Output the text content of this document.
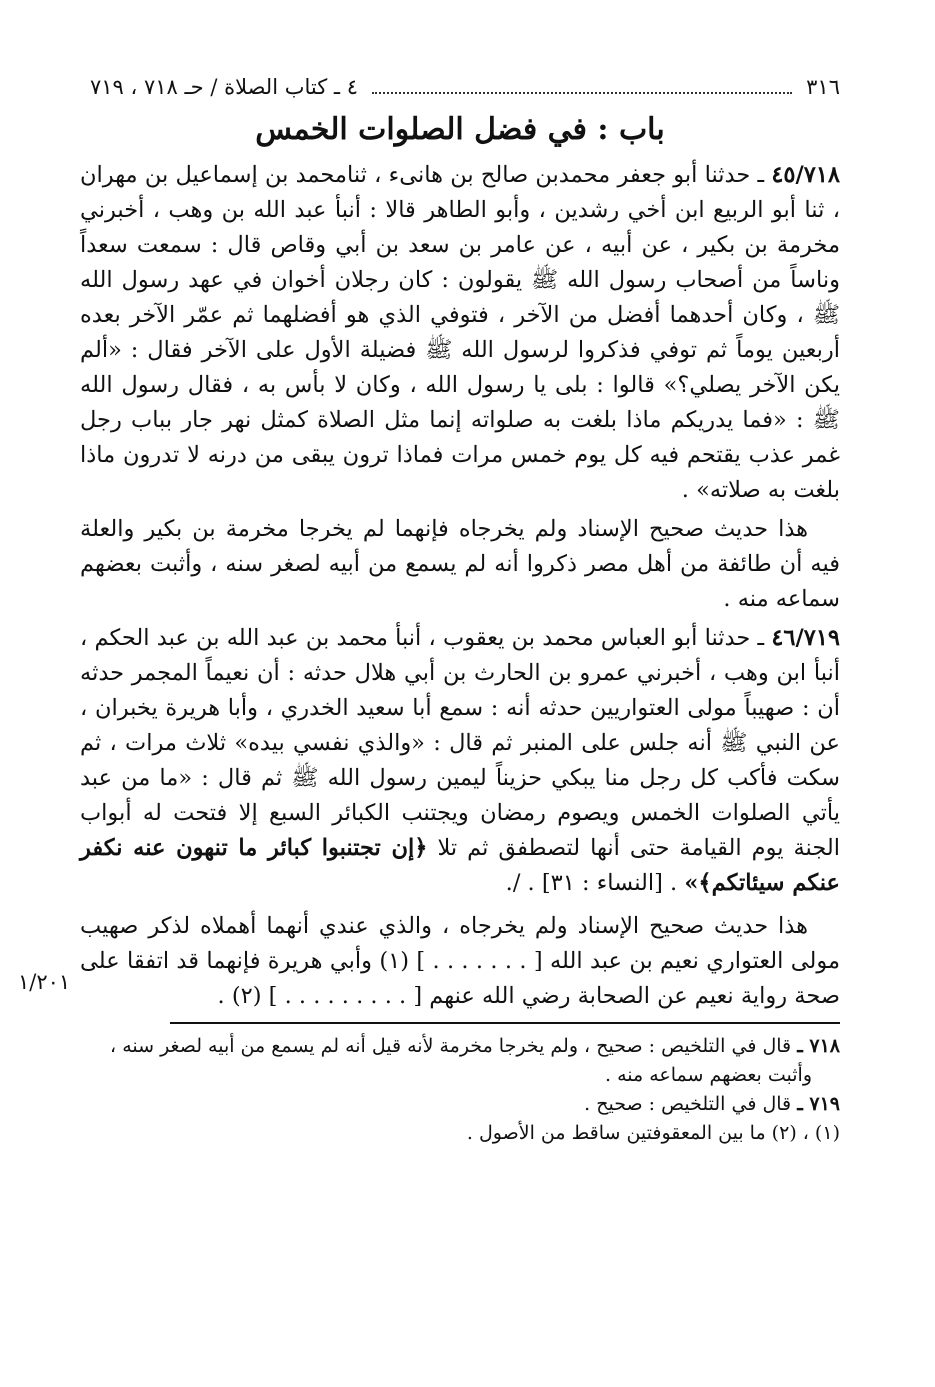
٣١٦
٤ ـ كتاب الصلاة / حـ ٧١٨ ، ٧١٩
باب : في فضل الصلوات الخمس

٤٥/٧١٨ ـ حدثنا أبو جعفر محمدبن صالح بن هانىء ، ثنامحمد بن إسماعيل بن مهران ، ثنا أبو الربيع ابن أخي رشدين ، وأبو الطاهر قالا : أنبأ عبد الله بن وهب ، أخبرني مخرمة بن بكير ، عن أبيه ، عن عامر بن سعد بن أبي وقاص قال : سمعت سعداً وناساً من أصحاب رسول الله ﷺ يقولون : كان رجلان أخوان في عهد رسول الله ﷺ ، وكان أحدهما أفضل من الآخر ، فتوفي الذي هو أفضلهما ثم عمّر الآخر بعده أربعين يوماً ثم توفي فذكروا لرسول الله ﷺ فضيلة الأول على الآخر فقال : «ألم يكن الآخر يصلي؟» قالوا : بلى يا رسول الله ، وكان لا بأس به ، فقال رسول الله ﷺ : «فما يدريكم ماذا بلغت به صلواته إنما مثل الصلاة كمثل نهر جار بباب رجل غمر عذب يقتحم فيه كل يوم خمس مرات فماذا ترون يبقى من درنه لا تدرون ماذا بلغت به صلاته» .

هذا حديث صحيح الإسناد ولم يخرجاه فإنهما لم يخرجا مخرمة بن بكير والعلة فيه أن طائفة من أهل مصر ذكروا أنه لم يسمع من أبيه لصغر سنه ، وأثبت بعضهم سماعه منه .

٤٦/٧١٩ ـ حدثنا أبو العباس محمد بن يعقوب ، أنبأ محمد بن عبد الله بن عبد الحكم ، أنبأ ابن وهب ، أخبرني عمرو بن الحارث بن أبي هلال حدثه : أن نعيماً المجمر حدثه أن : صهيباً مولى العتواريين حدثه أنه : سمع أبا سعيد الخدري ، وأبا هريرة يخبران ، عن النبي ﷺ أنه جلس على المنبر ثم قال : «والذي نفسي بيده» ثلاث مرات ، ثم سكت فأكب كل رجل منا يبكي حزيناً ليمين رسول الله ﷺ ثم قال : «ما من عبد يأتي الصلوات الخمس ويصوم رمضان ويجتنب الكبائر السبع إلا فتحت له أبواب الجنة يوم القيامة حتى أنها لتصطفق ثم تلا ﴿إن تجتنبوا كبائر ما تنهون عنه نكفر عنكم سيئاتكم﴾» . [النساء : ٣١] . /.

١/٢٠١

هذا حديث صحيح الإسناد ولم يخرجاه ، والذي عندي أنهما أهملاه لذكر صهيب مولى العتواري نعيم بن عبد الله [ . . . . . . . ] (١) وأبي هريرة فإنهما قد اتفقا على صحة رواية نعيم عن الصحابة رضي الله عنهم [ . . . . . . . . . ] (٢) .

٧١٨ ـ قال في التلخيص : صحيح ، ولم يخرجا مخرمة لأنه قيل أنه لم يسمع من أبيه لصغر سنه ،
وأثبت بعضهم سماعه منه .
٧١٩ ـ قال في التلخيص : صحيح .
(١) ، (٢) ما بين المعقوفتين ساقط من الأصول .
